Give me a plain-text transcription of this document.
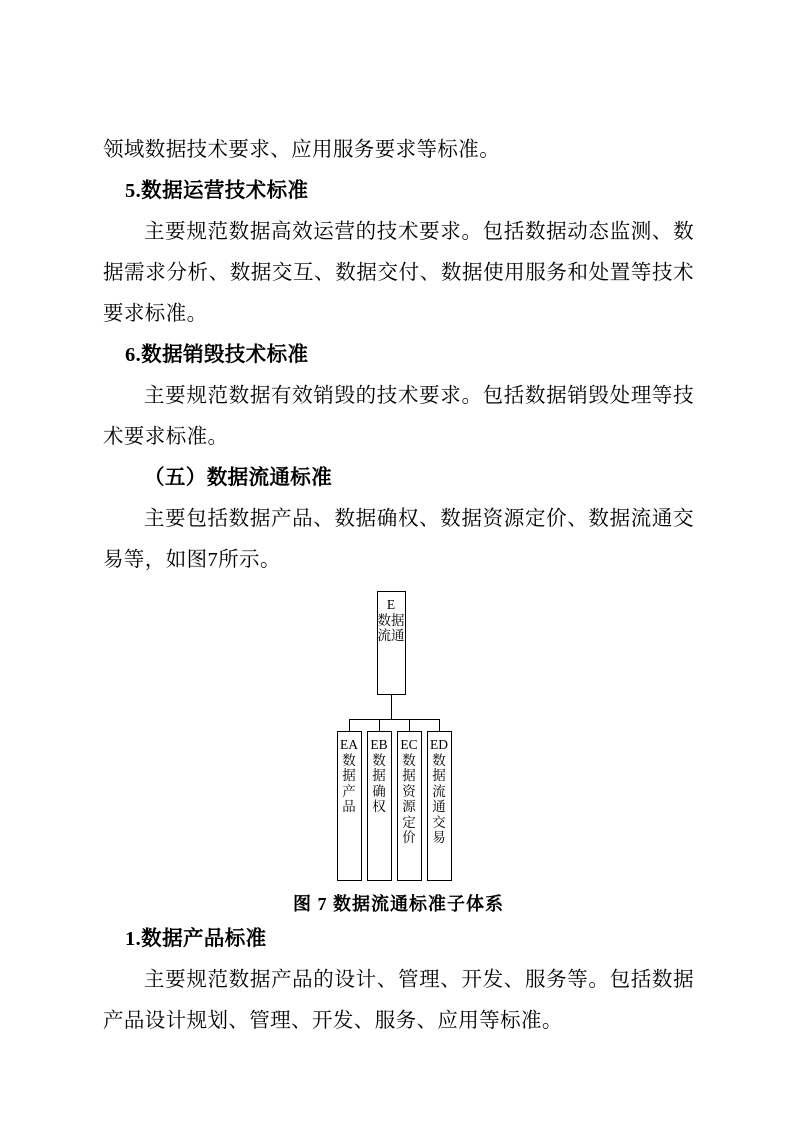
领域数据技术要求、应用服务要求等标准。

5.数据运营技术标准

主要规范数据高效运营的技术要求。包括数据动态监测、数据需求分析、数据交互、数据交付、数据使用服务和处置等技术要求标准。

6.数据销毁技术标准

主要规范数据有效销毁的技术要求。包括数据销毁处理等技术要求标准。

（五）数据流通标准

主要包括数据产品、数据确权、数据资源定价、数据流通交易等，如图7所示。

E
数据流通
EA
数据产品
EB
数据确权
EC
数据资源定价
ED
数据流通交易
图 7 数据流通标准子体系

1.数据产品标准

主要规范数据产品的设计、管理、开发、服务等。包括数据产品设计规划、管理、开发、服务、应用等标准。
